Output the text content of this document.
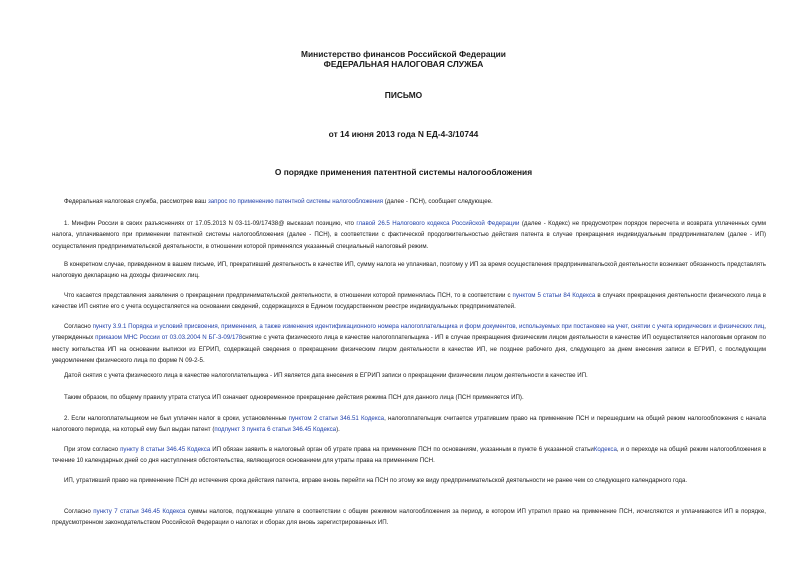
Министерство финансов Российской Федерации
ФЕДЕРАЛЬНАЯ НАЛОГОВАЯ СЛУЖБА
ПИСЬМО
от 14 июня 2013 года N ЕД-4-3/10744
О порядке применения патентной системы налогообложения

Федеральная налоговая служба, рассмотрев ваш запрос по применению патентной системы налогообложения (далее - ПСН), сообщает следующее.

1. Минфин России в своих разъяснениях от 17.05.2013 N 03-11-09/17438@ высказал позицию, что главой 26.5 Налогового кодекса Российской Федерации (далее - Кодекс) не предусмотрен порядок пересчета и возврата уплаченных сумм налога, уплачиваемого при применении патентной системы налогообложения (далее - ПСН), в соответствии с фактической продолжительностью действия патента в случае прекращения индивидуальным предпринимателем (далее - ИП) осуществления предпринимательской деятельности, в отношении которой применялся указанный специальный налоговый режим.

В конкретном случае, приведенном в вашем письме, ИП, прекративший деятельность в качестве ИП, сумму налога не уплачивал, поэтому у ИП за время осуществления предпринимательской деятельности возникает обязанность представлять налоговую декларацию на доходы физических лиц.

Что касается представления заявления о прекращении предпринимательской деятельности, в отношении которой применялась ПСН, то в соответствии с пунктом 5 статьи 84 Кодекса в случаях прекращения деятельности физического лица в качестве ИП снятие его с учета осуществляется на основании сведений, содержащихся в Едином государственном реестре индивидуальных предпринимателей.

Согласно пункту 3.9.1 Порядка и условий присвоения, применения, а также изменения идентификационного номера налогоплательщика и форм документов, используемых при постановке на учет, снятии с учета юридических и физических лиц, утвержденных приказом МНС России от 03.03.2004 N БГ-3-09/178снятие с учета физического лица в качестве налогоплательщика - ИП в случае прекращения физическим лицом деятельности в качестве ИП осуществляется налоговым органом по месту жительства ИП на основании выписки из ЕГРИП, содержащей сведения о прекращении физическим лицом деятельности в качестве ИП, не позднее рабочего дня, следующего за днем внесения записи в ЕГРИП, с последующим уведомлением физического лица по форме N 09-2-5.

Датой снятия с учета физического лица в качестве налогоплательщика - ИП является дата внесения в ЕГРИП записи о прекращении физическим лицом деятельности в качестве ИП.

Таким образом, по общему правилу утрата статуса ИП означает одновременное прекращение действия режима ПСН для данного лица (ПСН применяется ИП).

2. Если налогоплательщиком не был уплачен налог в сроки, установленные пунктом 2 статьи 346.51 Кодекса, налогоплательщик считается утратившим право на применение ПСН и перешедшим на общий режим налогообложения с начала налогового периода, на который ему был выдан патент (подпункт 3 пункта 6 статьи 346.45 Кодекса).

При этом согласно пункту 8 статьи 346.45 Кодекса ИП обязан заявить в налоговый орган об утрате права на применение ПСН по основаниям, указанным в пункте 6 указанной статьиКодекса, и о переходе на общий режим налогообложения в течение 10 календарных дней со дня наступления обстоятельства, являющегося основанием для утраты права на применение ПСН.

ИП, утративший право на применение ПСН до истечения срока действия патента, вправе вновь перейти на ПСН по этому же виду предпринимательской деятельности не ранее чем со следующего календарного года.

Согласно пункту 7 статьи 346.45 Кодекса суммы налогов, подлежащие уплате в соответствии с общим режимом налогообложения за период, в котором ИП утратил право на применение ПСН, исчисляются и уплачиваются ИП в порядке, предусмотренном законодательством Российской Федерации о налогах и сборах для вновь зарегистрированных ИП.
